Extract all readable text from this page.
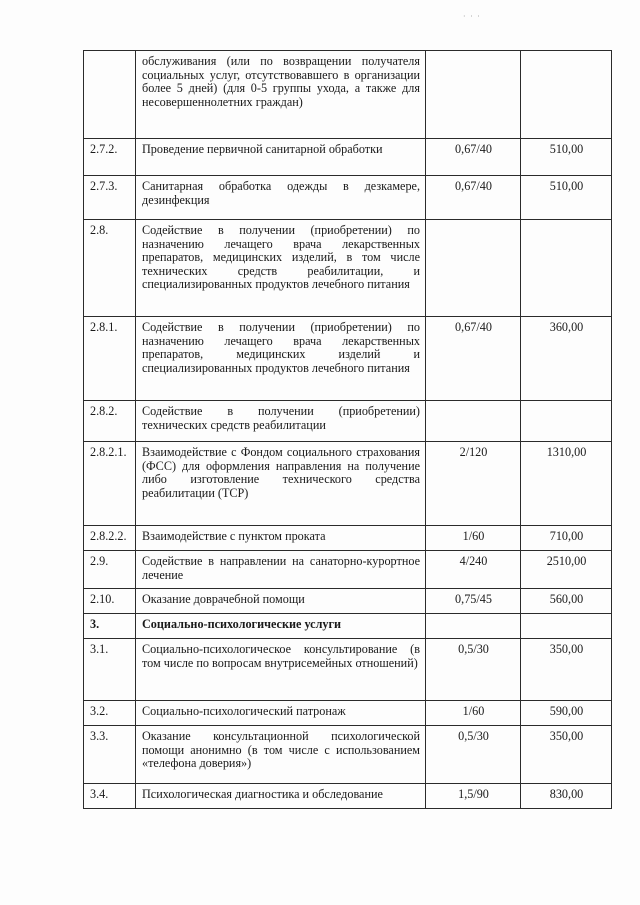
· · ·
	обслуживания (или по возвращении получателя социальных услуг, отсутствовавшего в организации более 5 дней) (для 0-5 группы ухода, а также для несовершеннолетних граждан)		
2.7.2.	Проведение первичной санитарной обработки	0,67/40	510,00
2.7.3.	Санитарная обработка одежды в дезкамере, дезинфекция	0,67/40	510,00
2.8.	Содействие в получении (приобретении) по назначению лечащего врача лекарственных препаратов, медицинских изделий, в том числе технических средств реабилитации, и специализированных продуктов лечебного питания		
2.8.1.	Содействие в получении (приобретении) по назначению лечащего врача лекарственных препаратов, медицинских изделий и специализированных продуктов лечебного питания	0,67/40	360,00
2.8.2.	Содействие в получении (приобретении) технических средств реабилитации		
2.8.2.1.	Взаимодействие с Фондом социального страхования (ФСС) для оформления направления на получение либо изготовление технического средства реабилитации (ТСР)	2/120	1310,00
2.8.2.2.	Взаимодействие с пунктом проката	1/60	710,00
2.9.	Содействие в направлении на санаторно-курортное лечение	4/240	2510,00
2.10.	Оказание доврачебной помощи	0,75/45	560,00
3.	Социально-психологические услуги		
3.1.	Социально-психологическое консультирование (в том числе по вопросам внутрисемейных отношений)	0,5/30	350,00
3.2.	Социально-психологический патронаж	1/60	590,00
3.3.	Оказание консультационной психологической помощи анонимно (в том числе с использованием «телефона доверия»)	0,5/30	350,00
3.4.	Психологическая диагностика и обследование	1,5/90	830,00
